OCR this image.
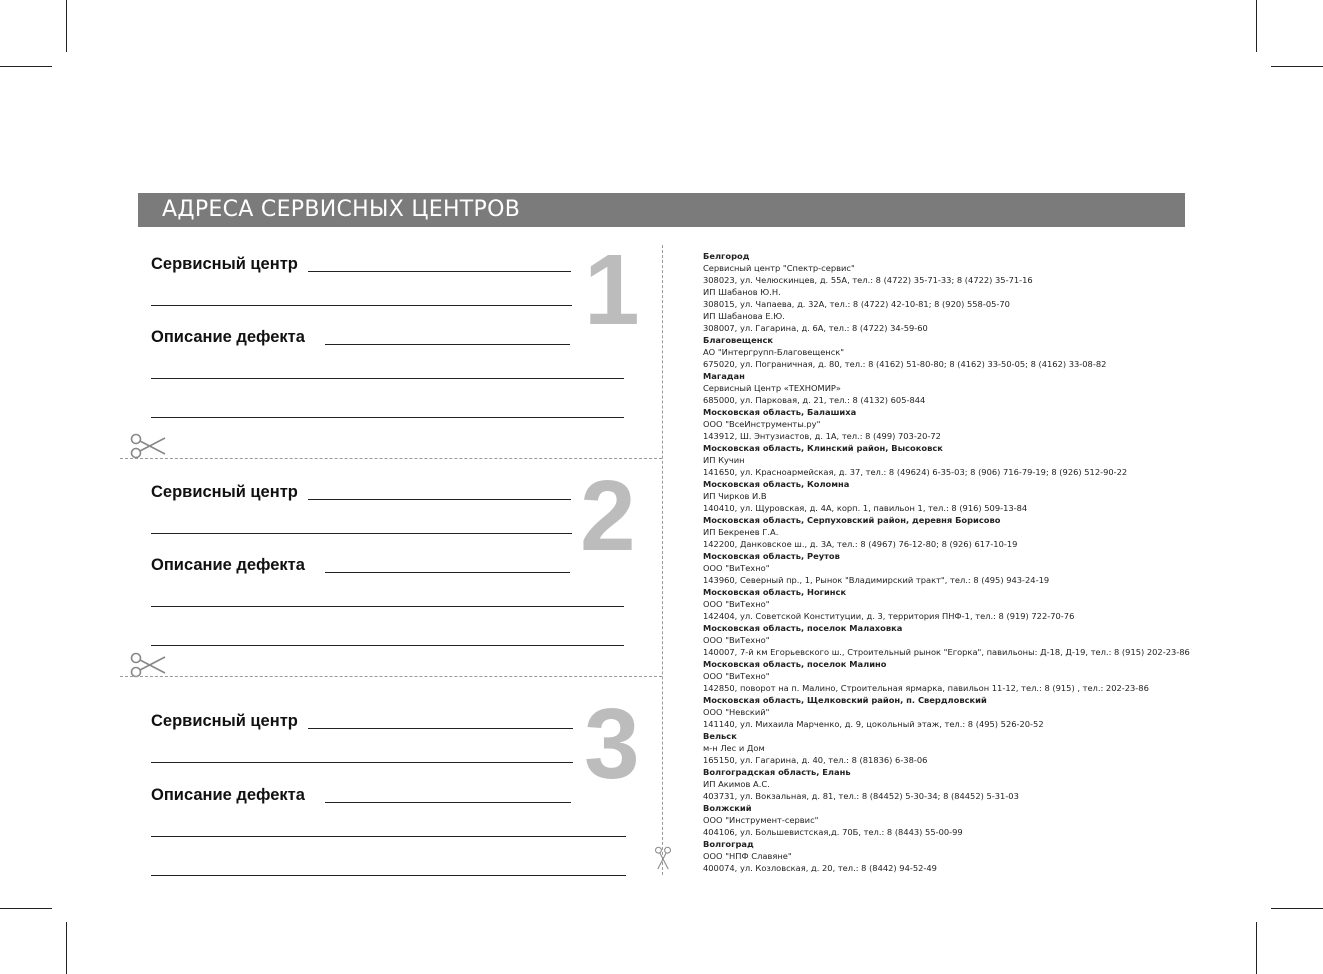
АДРЕСА СЕРВИСНЫХ ЦЕНТРОВ
Сервисный центр
Описание дефекта	1
Сервисный центр
Описание дефекта	2
Сервисный центр
Описание дефекта	3
Белгород
Сервисный центр "Спектр-сервис"
308023, ул. Челюскинцев, д. 55А, тел.: 8 (4722) 35-71-33; 8 (4722) 35-71-16
ИП Шабанов Ю.Н.
308015, ул. Чапаева, д. 32А, тел.: 8 (4722) 42-10-81; 8 (920) 558-05-70
ИП Шабанова Е.Ю.
308007, ул. Гагарина, д. 6А, тел.: 8 (4722) 34-59-60
Благовещенск
АО "Интергрупп-Благовещенск"
675020, ул. Пограничная, д. 80, тел.: 8 (4162) 51-80-80; 8 (4162) 33-50-05; 8 (4162) 33-08-82
Магадан
Сервисный Центр «ТЕХНОМИР»
685000, ул. Парковая, д. 21, тел.: 8 (4132) 605-844
Московская область, Балашиха
ООО "ВсеИнструменты.ру"
143912, Ш. Энтузиастов, д. 1А, тел.: 8 (499) 703-20-72
Московская область, Клинский район, Высоковск
ИП Кучин
141650, ул. Красноармейская, д. 37, тел.: 8 (49624) 6-35-03; 8 (906) 716-79-19; 8 (926) 512-90-22
Московская область, Коломна
ИП Чирков И.В
140410, ул. Щуровская, д. 4А, корп. 1, павильон 1, тел.: 8 (916) 509-13-84
Московская область, Серпуховский район, деревня Борисово
ИП Бекренев Г.А.
142200, Данковское ш., д. 3А, тел.: 8 (4967) 76-12-80; 8 (926) 617-10-19
Московская область, Реутов
ООО "ВиТехно"
143960, Северный пр., 1, Рынок "Владимирский тракт", тел.: 8 (495) 943-24-19
Московская область, Ногинск
ООО "ВиТехно"
142404, ул. Советской Конституции, д. 3, территория ПНФ-1, тел.: 8 (919) 722-70-76
Московская область, поселок Малаховка
ООО "ВиТехно"
140007, 7-й км Егорьевского ш., Строительный рынок "Егорка", павильоны: Д-18, Д-19, тел.: 8 (915) 202-23-86
Московская область, поселок Малино
ООО "ВиТехно"
142850, поворот на п. Малино, Строительная ярмарка, павильон 11-12, тел.: 8 (915) , тел.: 202-23-86
Московская область, Щелковский район, п. Свердловский
ООО "Невский"
141140, ул. Михаила Марченко, д. 9, цокольный этаж, тел.: 8 (495) 526-20-52
Вельск
м-н Лес и Дом
165150, ул. Гагарина, д. 40, тел.: 8 (81836) 6-38-06
Волгоградская область, Елань
ИП Акимов А.С.
403731, ул. Вокзальная, д. 81, тел.: 8 (84452) 5-30-34; 8 (84452) 5-31-03
Волжский
ООО "Инструмент-сервис"
404106, ул. Большевистская,д. 70Б, тел.: 8 (8443) 55-00-99
Волгоград
ООО "НПФ Славяне"
400074, ул. Козловская, д. 20, тел.: 8 (8442) 94-52-49
